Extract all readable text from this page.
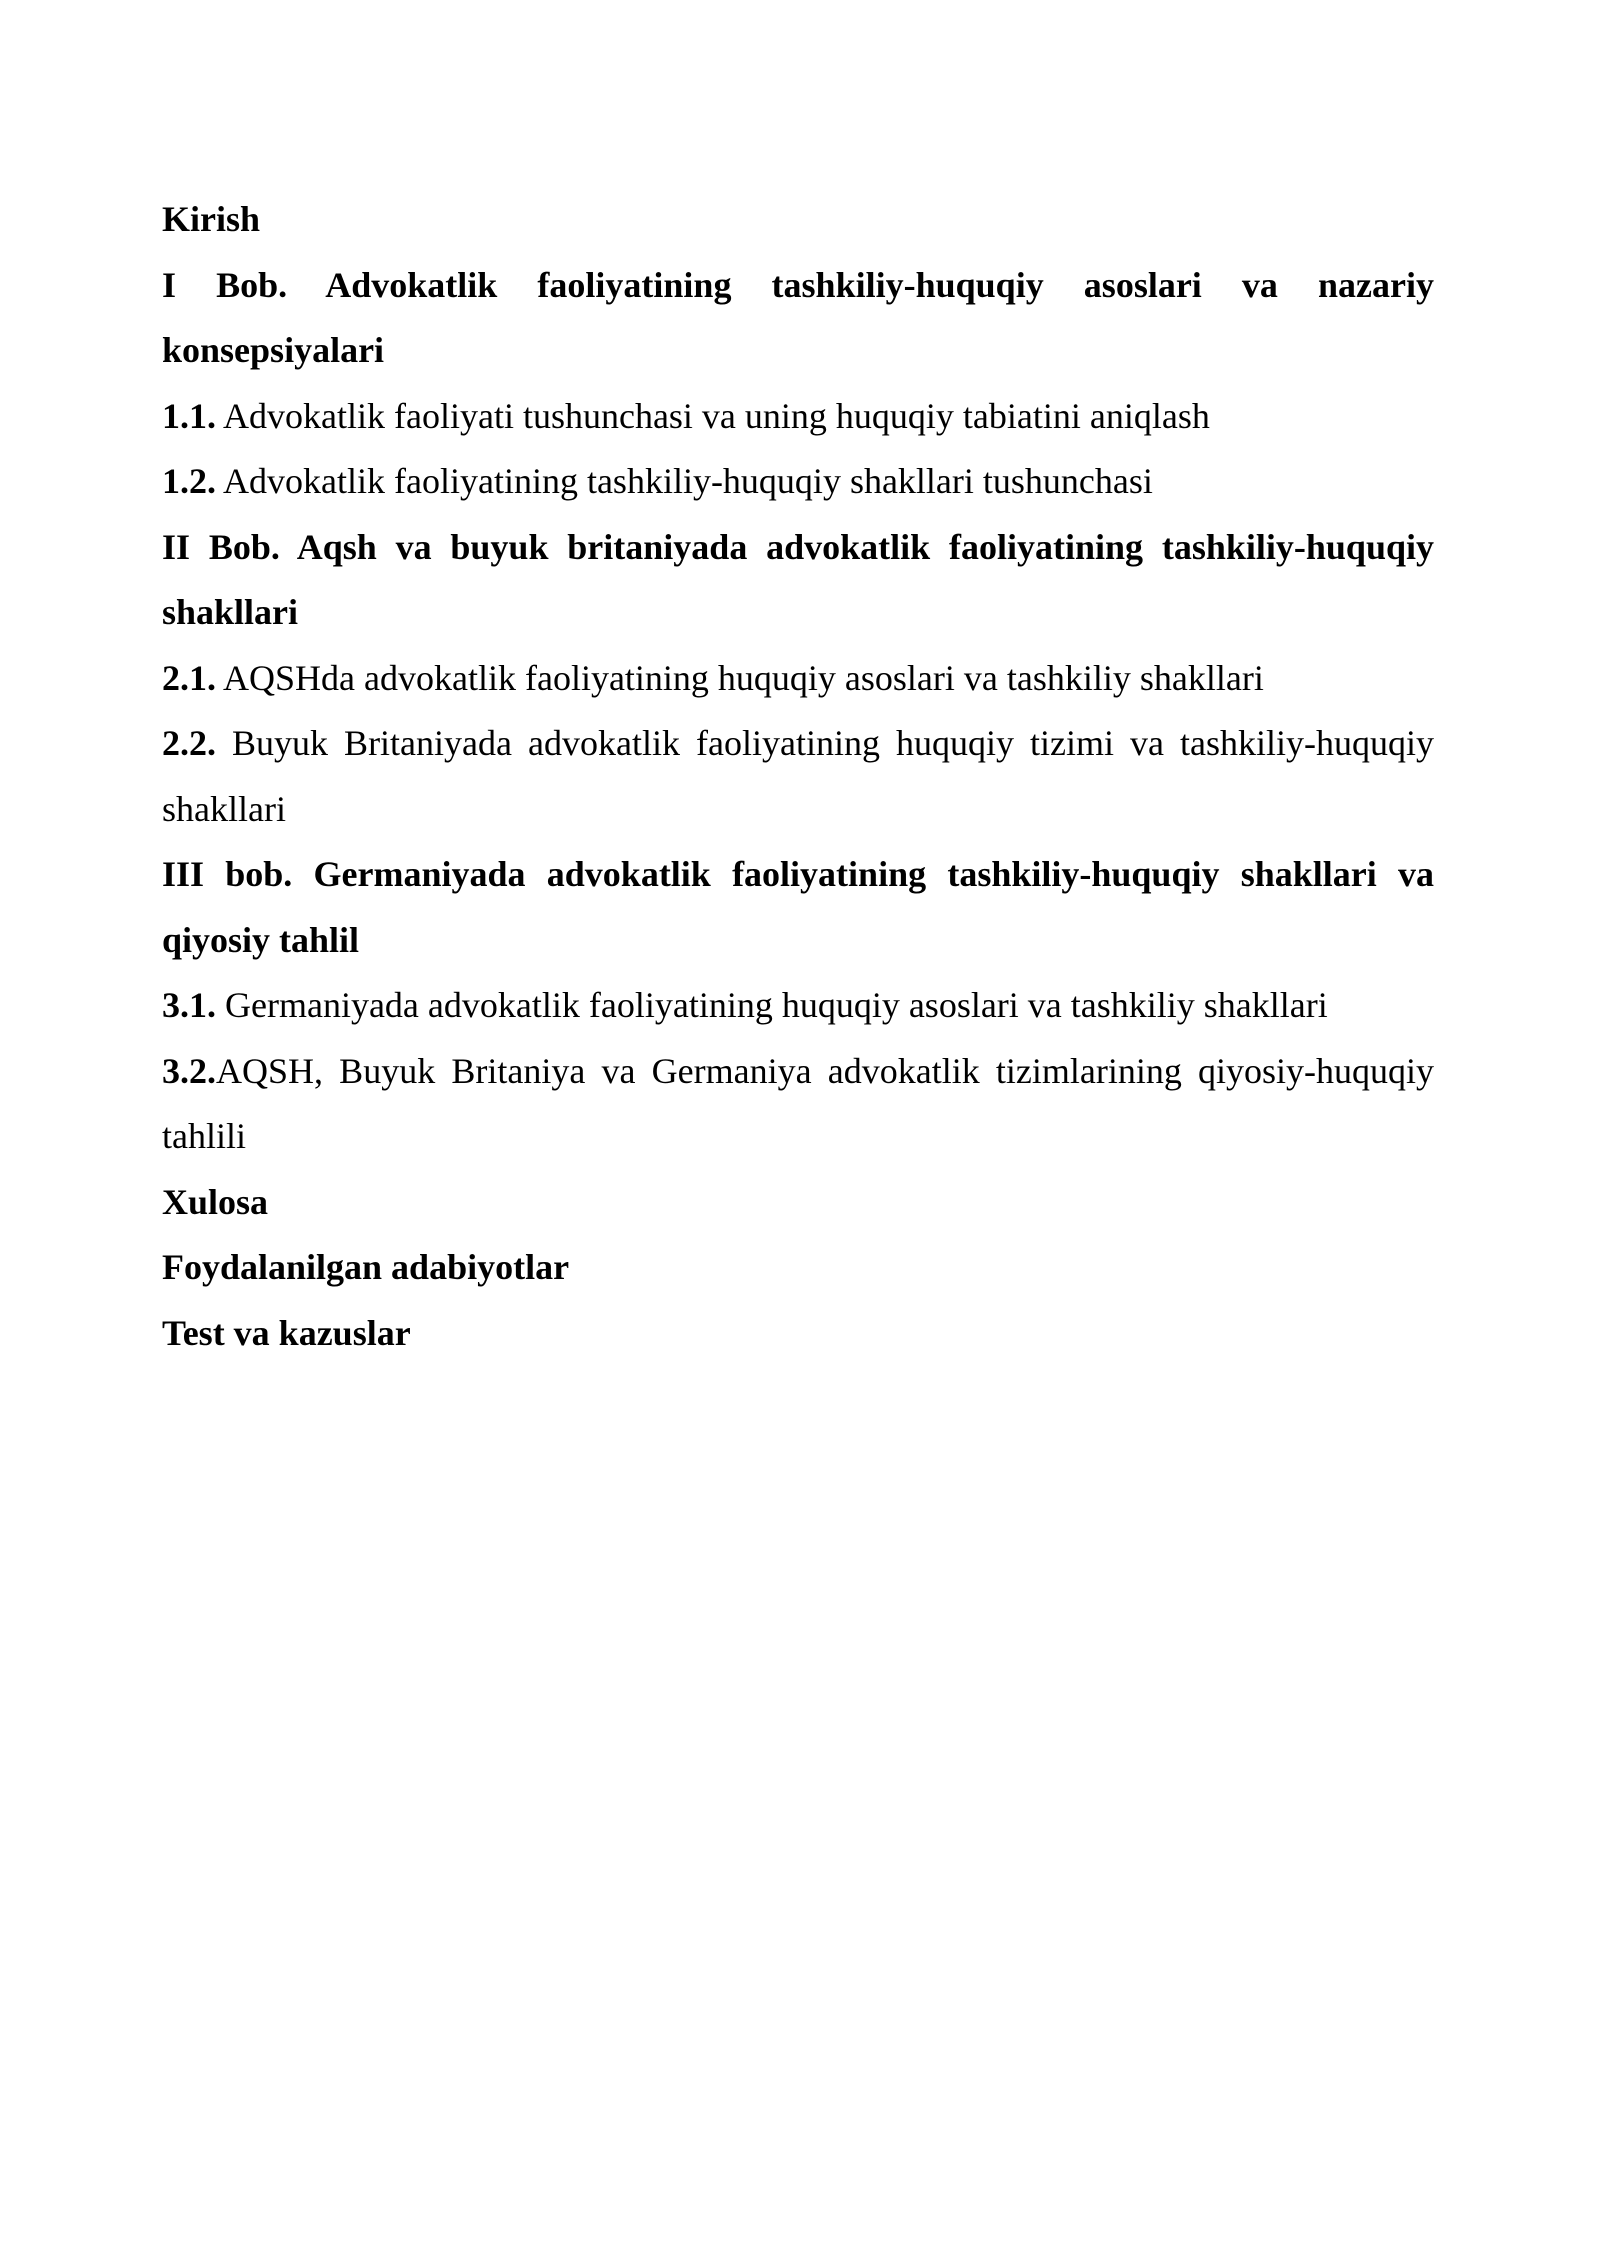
Kirish

I Bob. Advokatlik faoliyatining tashkiliy-huquqiy asoslari va nazariy konsepsiyalari

1.1. Advokatlik faoliyati tushunchasi va uning huquqiy tabiatini aniqlash

1.2. Advokatlik faoliyatining tashkiliy-huquqiy shakllari tushunchasi

II Bob. Aqsh va buyuk britaniyada advokatlik faoliyatining tashkiliy-huquqiy shakllari

2.1. AQSHda advokatlik faoliyatining huquqiy asoslari va tashkiliy shakllari

2.2. Buyuk Britaniyada advokatlik faoliyatining huquqiy tizimi va tashkiliy-huquqiy shakllari

III bob. Germaniyada advokatlik faoliyatining tashkiliy-huquqiy shakllari va qiyosiy tahlil

3.1. Germaniyada advokatlik faoliyatining huquqiy asoslari va tashkiliy shakllari

3.2.AQSH, Buyuk Britaniya va Germaniya advokatlik tizimlarining qiyosiy-huquqiy tahlili

Xulosa

Foydalanilgan adabiyotlar

Test va kazuslar
